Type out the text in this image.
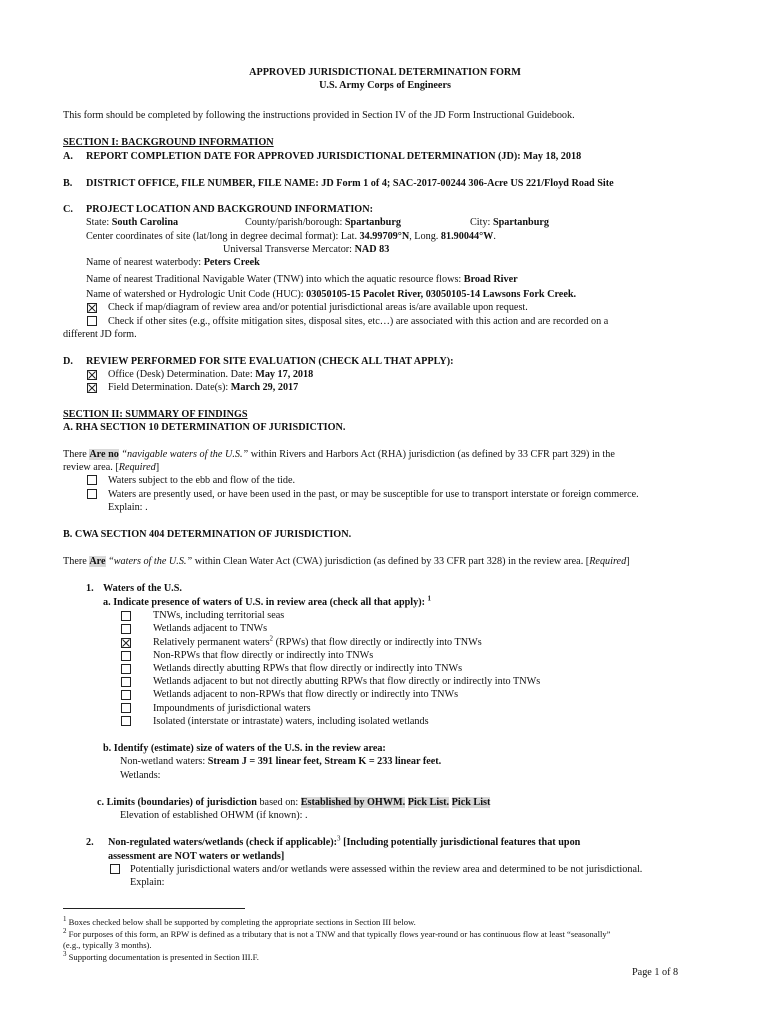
APPROVED JURISDICTIONAL DETERMINATION FORM
U.S. Army Corps of Engineers
This form should be completed by following the instructions provided in Section IV of the JD Form Instructional Guidebook.
SECTION I: BACKGROUND INFORMATION
A. REPORT COMPLETION DATE FOR APPROVED JURISDICTIONAL DETERMINATION (JD): May 18, 2018
B. DISTRICT OFFICE, FILE NUMBER, FILE NAME: JD Form 1 of 4; SAC-2017-00244 306-Acre US 221/Floyd Road Site
C. PROJECT LOCATION AND BACKGROUND INFORMATION:
State: South Carolina	County/parish/borough: Spartanburg	City: Spartanburg
Center coordinates of site (lat/long in degree decimal format): Lat. 34.99709°N, Long. 81.90044°W.
Universal Transverse Mercator: NAD 83
Name of nearest waterbody: Peters Creek
Name of nearest Traditional Navigable Water (TNW) into which the aquatic resource flows: Broad River
Name of watershed or Hydrologic Unit Code (HUC): 03050105-15 Pacolet River, 03050105-14 Lawsons Fork Creek.
Check if map/diagram of review area and/or potential jurisdictional areas is/are available upon request.
Check if other sites (e.g., offsite mitigation sites, disposal sites, etc…) are associated with this action and are recorded on a
different JD form.
D. REVIEW PERFORMED FOR SITE EVALUATION (CHECK ALL THAT APPLY):
Office (Desk) Determination. Date: May 17, 2018
Field Determination. Date(s): March 29, 2017
SECTION II: SUMMARY OF FINDINGS
A. RHA SECTION 10 DETERMINATION OF JURISDICTION.
There Are no “navigable waters of the U.S.” within Rivers and Harbors Act (RHA) jurisdiction (as defined by 33 CFR part 329) in the
review area. [Required]
Waters subject to the ebb and flow of the tide.
Waters are presently used, or have been used in the past, or may be susceptible for use to transport interstate or foreign commerce.
Explain: .
B. CWA SECTION 404 DETERMINATION OF JURISDICTION.
There Are “waters of the U.S.” within Clean Water Act (CWA) jurisdiction (as defined by 33 CFR part 328) in the review area. [Required]
1. Waters of the U.S.
a. Indicate presence of waters of U.S. in review area (check all that apply): $^1$
TNWs, including territorial seas
Wetlands adjacent to TNWs
Relatively permanent waters$^2$ (RPWs) that flow directly or indirectly into TNWs
Non-RPWs that flow directly or indirectly into TNWs
Wetlands directly abutting RPWs that flow directly or indirectly into TNWs
Wetlands adjacent to but not directly abutting RPWs that flow directly or indirectly into TNWs
Wetlands adjacent to non-RPWs that flow directly or indirectly into TNWs
Impoundments of jurisdictional waters
Isolated (interstate or intrastate) waters, including isolated wetlands
b. Identify (estimate) size of waters of the U.S. in the review area:
Non-wetland waters: Stream J = 391 linear feet, Stream K = 233 linear feet.
Wetlands:
c. Limits (boundaries) of jurisdiction based on: Established by OHWM. Pick List. Pick List
Elevation of established OHWM (if known): .
2. Non-regulated waters/wetlands (check if applicable):$^3$ [Including potentially jurisdictional features that upon
assessment are NOT waters or wetlands]
Potentially jurisdictional waters and/or wetlands were assessed within the review area and determined to be not jurisdictional.
Explain:
$^1$ Boxes checked below shall be supported by completing the appropriate sections in Section III below.
$^2$ For purposes of this form, an RPW is defined as a tributary that is not a TNW and that typically flows year-round or has continuous flow at least “seasonally”
(e.g., typically 3 months).
$^3$ Supporting documentation is presented in Section III.F.
Page 1 of 8
